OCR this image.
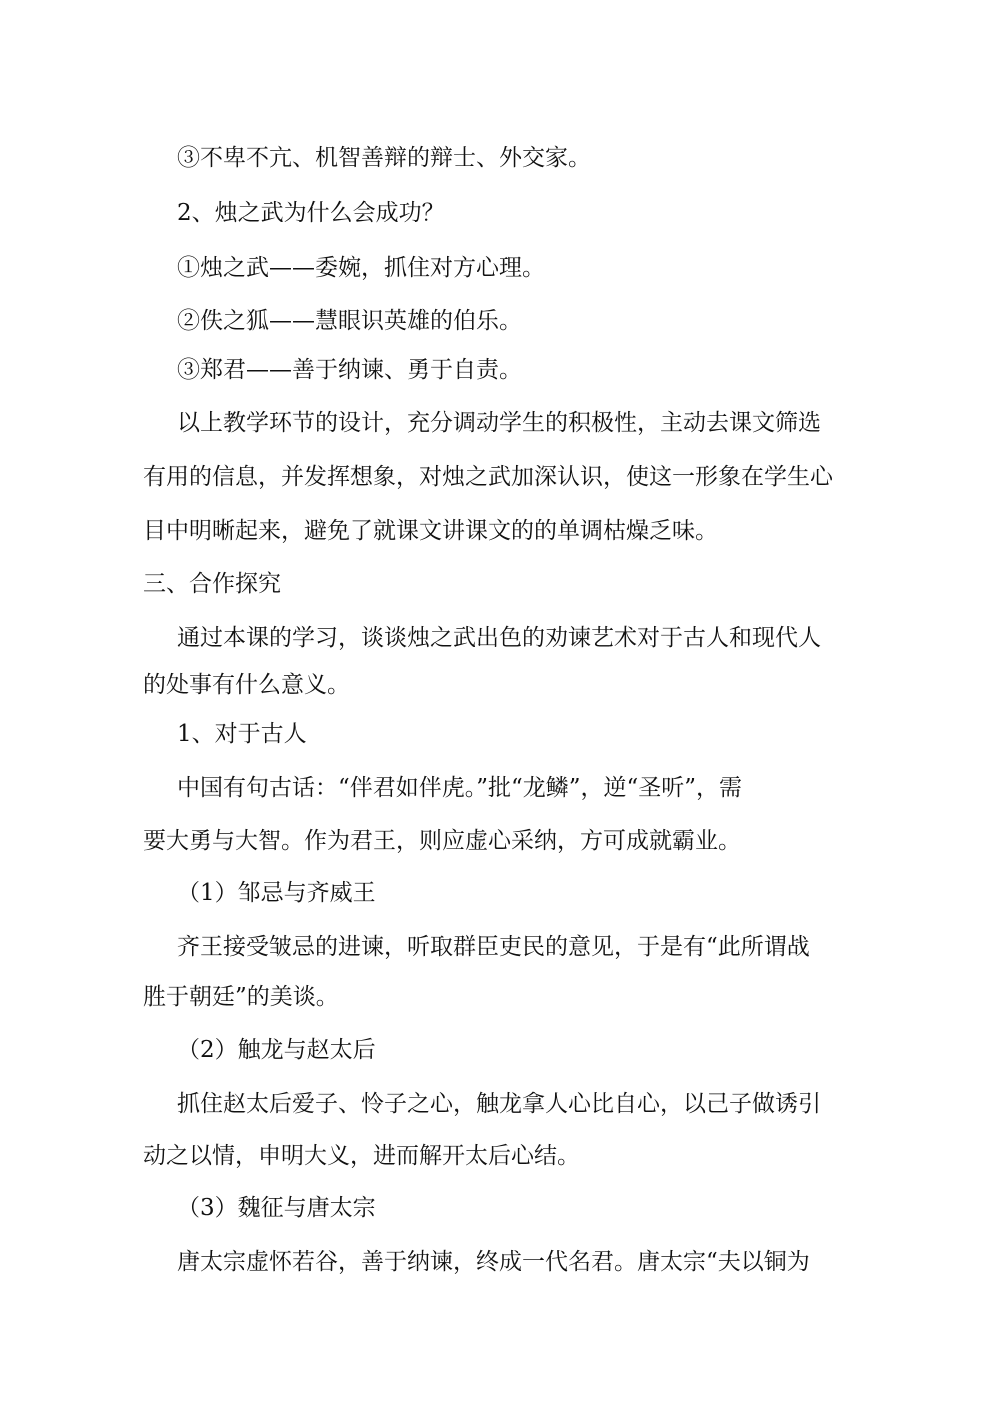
③不卑不亢、机智善辩的辩士、外交家。
2、烛之武为什么会成功？
①烛之武——委婉，抓住对方心理。
②佚之狐——慧眼识英雄的伯乐。
③郑君——善于纳谏、勇于自责。
以上教学环节的设计，充分调动学生的积极性，主动去课文筛选
有用的信息，并发挥想象，对烛之武加深认识，使这一形象在学生心
目中明晰起来，避免了就课文讲课文的的单调枯燥乏味。
三、合作探究
通过本课的学习，谈谈烛之武出色的劝谏艺术对于古人和现代人
的处事有什么意义。
1、对于古人
中国有句古话：“伴君如伴虎。”批“龙鳞”，逆“圣听”，需
要大勇与大智。作为君王，则应虚心采纳，方可成就霸业。
（1）邹忌与齐威王
齐王接受皱忌的进谏，听取群臣吏民的意见，于是有“此所谓战
胜于朝廷”的美谈。
（2）触龙与赵太后
抓住赵太后爱子、怜子之心，触龙拿人心比自心，以己子做诱引
动之以情，申明大义，进而解开太后心结。
（3）魏征与唐太宗
唐太宗虚怀若谷，善于纳谏，终成一代名君。唐太宗“夫以铜为
